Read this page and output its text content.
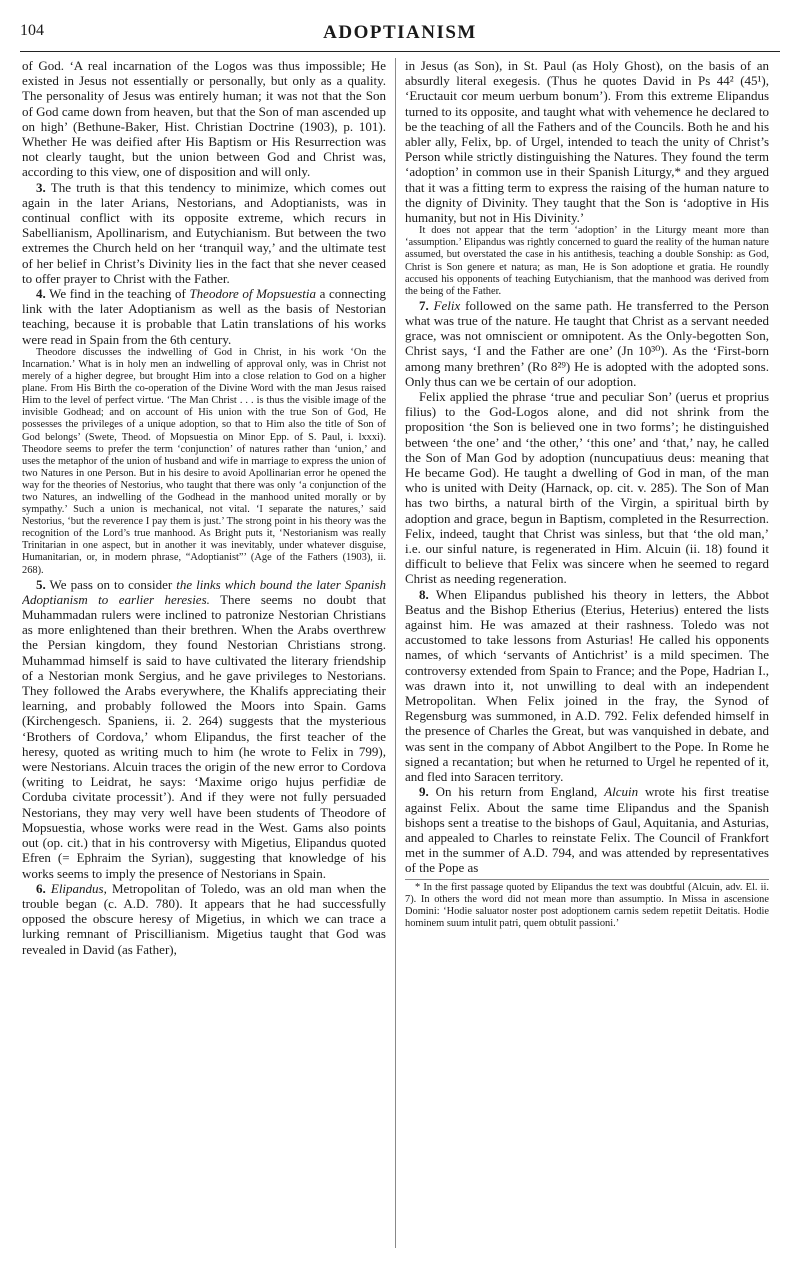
104	ADOPTIANISM

of God. ‘A real incarnation of the Logos was thus impossible; He existed in Jesus not essentially or personally, but only as a quality. The personality of Jesus was entirely human; it was not that the Son of God came down from heaven, but that the Son of man ascended up on high’ (Bethune-Baker, Hist. Christian Doctrine (1903), p. 101). Whether He was deified after His Baptism or His Resurrection was not clearly taught, but the union between God and Christ was, according to this view, one of disposition and will only.

3. The truth is that this tendency to minimize, which comes out again in the later Arians, Nestorians, and Adoptianists, was in continual conflict with its opposite extreme, which recurs in Sabellianism, Apollinarism, and Eutychianism. But between the two extremes the Church held on her ‘tranquil way,’ and the ultimate test of her belief in Christ’s Divinity lies in the fact that she never ceased to offer prayer to Christ with the Father.

4. We find in the teaching of Theodore of Mopsuestia a connecting link with the later Adoptianism as well as the basis of Nestorian teaching, because it is probable that Latin translations of his works were read in Spain from the 6th century.

Theodore discusses the indwelling of God in Christ, in his work ‘On the Incarnation.’ What is in holy men an indwelling of approval only, was in Christ not merely of a higher degree, but brought Him into a close relation to God on a higher plane. From His Birth the co-operation of the Divine Word with the man Jesus raised Him to the level of perfect virtue. ‘The Man Christ . . . is thus the visible image of the invisible Godhead; and on account of His union with the true Son of God, He possesses the privileges of a unique adoption, so that to Him also the title of Son of God belongs’ (Swete, Theod. of Mopsuestia on Minor Epp. of S. Paul, i. lxxxi). Theodore seems to prefer the term ‘conjunction’ of natures rather than ‘union,’ and uses the metaphor of the union of husband and wife in marriage to express the union of two Natures in one Person. But in his desire to avoid Apollinarian error he opened the way for the theories of Nestorius, who taught that there was only ‘a conjunction of the two Natures, an indwelling of the Godhead in the manhood united morally or by sympathy.’ Such a union is mechanical, not vital. ‘I separate the natures,’ said Nestorius, ‘but the reverence I pay them is just.’ The strong point in his theory was the recognition of the Lord’s true manhood. As Bright puts it, ‘Nestorianism was really Trinitarian in one aspect, but in another it was inevitably, under whatever disguise, Humanitarian, or, in modern phrase, “Adoptianist”’ (Age of the Fathers (1903), ii. 268).

5. We pass on to consider the links which bound the later Spanish Adoptianism to earlier heresies. There seems no doubt that Muhammadan rulers were inclined to patronize Nestorian Christians as more enlightened than their brethren. When the Arabs overthrew the Persian kingdom, they found Nestorian Christians strong. Muhammad himself is said to have cultivated the literary friendship of a Nestorian monk Sergius, and he gave privileges to Nestorians. They followed the Arabs everywhere, the Khalifs appreciating their learning, and probably followed the Moors into Spain. Gams (Kirchengesch. Spaniens, ii. 2. 264) suggests that the mysterious ‘Brothers of Cordova,’ whom Elipandus, the first teacher of the heresy, quoted as writing much to him (he wrote to Felix in 799), were Nestorians. Alcuin traces the origin of the new error to Cordova (writing to Leidrat, he says: ‘Maxime origo hujus perfidiæ de Corduba civitate processit’). And if they were not fully persuaded Nestorians, they may very well have been students of Theodore of Mopsuestia, whose works were read in the West. Gams also points out (op. cit.) that in his controversy with Migetius, Elipandus quoted Efren (= Ephraim the Syrian), suggesting that knowledge of his works seems to imply the presence of Nestorians in Spain.

6. Elipandus, Metropolitan of Toledo, was an old man when the trouble began (c. A.D. 780). It appears that he had successfully opposed the obscure heresy of Migetius, in which we can trace a lurking remnant of Priscillianism. Migetius taught that God was revealed in David (as Father),

in Jesus (as Son), in St. Paul (as Holy Ghost), on the basis of an absurdly literal exegesis. (Thus he quotes David in Ps 44² (45¹), ‘Eructauit cor meum uerbum bonum’). From this extreme Elipandus turned to its opposite, and taught what with vehemence he declared to be the teaching of all the Fathers and of the Councils. Both he and his abler ally, Felix, bp. of Urgel, intended to teach the unity of Christ’s Person while strictly distinguishing the Natures. They found the term ‘adoption’ in common use in their Spanish Liturgy,* and they argued that it was a fitting term to express the raising of the human nature to the dignity of Divinity. They taught that the Son is ‘adoptive in His humanity, but not in His Divinity.’

It does not appear that the term ‘adoption’ in the Liturgy meant more than ‘assumption.’ Elipandus was rightly concerned to guard the reality of the human nature assumed, but overstated the case in his antithesis, teaching a double Sonship: as God, Christ is Son genere et natura; as man, He is Son adoptione et gratia. He roundly accused his opponents of teaching Eutychianism, that the manhood was derived from the being of the Father.

7. Felix followed on the same path. He transferred to the Person what was true of the nature. He taught that Christ as a servant needed grace, was not omniscient or omnipotent. As the Only-begotten Son, Christ says, ‘I and the Father are one’ (Jn 10³⁰). As the ‘First-born among many brethren’ (Ro 8²⁹) He is adopted with the adopted sons. Only thus can we be certain of our adoption.

Felix applied the phrase ‘true and peculiar Son’ (uerus et proprius filius) to the God-Logos alone, and did not shrink from the proposition ‘the Son is believed one in two forms’; he distinguished between ‘the one’ and ‘the other,’ ‘this one’ and ‘that,’ nay, he called the Son of Man God by adoption (nuncupatiuus deus: meaning that He became God). He taught a dwelling of God in man, of the man who is united with Deity (Harnack, op. cit. v. 285). The Son of Man has two births, a natural birth of the Virgin, a spiritual birth by adoption and grace, begun in Baptism, completed in the Resurrection. Felix, indeed, taught that Christ was sinless, but that ‘the old man,’ i.e. our sinful nature, is regenerated in Him. Alcuin (ii. 18) found it difficult to believe that Felix was sincere when he seemed to regard Christ as needing regeneration.

8. When Elipandus published his theory in letters, the Abbot Beatus and the Bishop Etherius (Eterius, Heterius) entered the lists against him. He was amazed at their rashness. Toledo was not accustomed to take lessons from Asturias! He called his opponents names, of which ‘servants of Antichrist’ is a mild specimen. The controversy extended from Spain to France; and the Pope, Hadrian I., was drawn into it, not unwilling to deal with an independent Metropolitan. When Felix joined in the fray, the Synod of Regensburg was summoned, in A.D. 792. Felix defended himself in the presence of Charles the Great, but was vanquished in debate, and was sent in the company of Abbot Angilbert to the Pope. In Rome he signed a recantation; but when he returned to Urgel he repented of it, and fled into Saracen territory.

9. On his return from England, Alcuin wrote his first treatise against Felix. About the same time Elipandus and the Spanish bishops sent a treatise to the bishops of Gaul, Aquitania, and Asturias, and appealed to Charles to reinstate Felix. The Council of Frankfort met in the summer of A.D. 794, and was attended by representatives of the Pope as

* In the first passage quoted by Elipandus the text was doubtful (Alcuin, adv. El. ii. 7). In others the word did not mean more than assumptio. In Missa in ascensione Domini: ‘Hodie saluator noster post adoptionem carnis sedem repetiit Deitatis. Hodie hominem suum intulit patri, quem obtulit passioni.’
